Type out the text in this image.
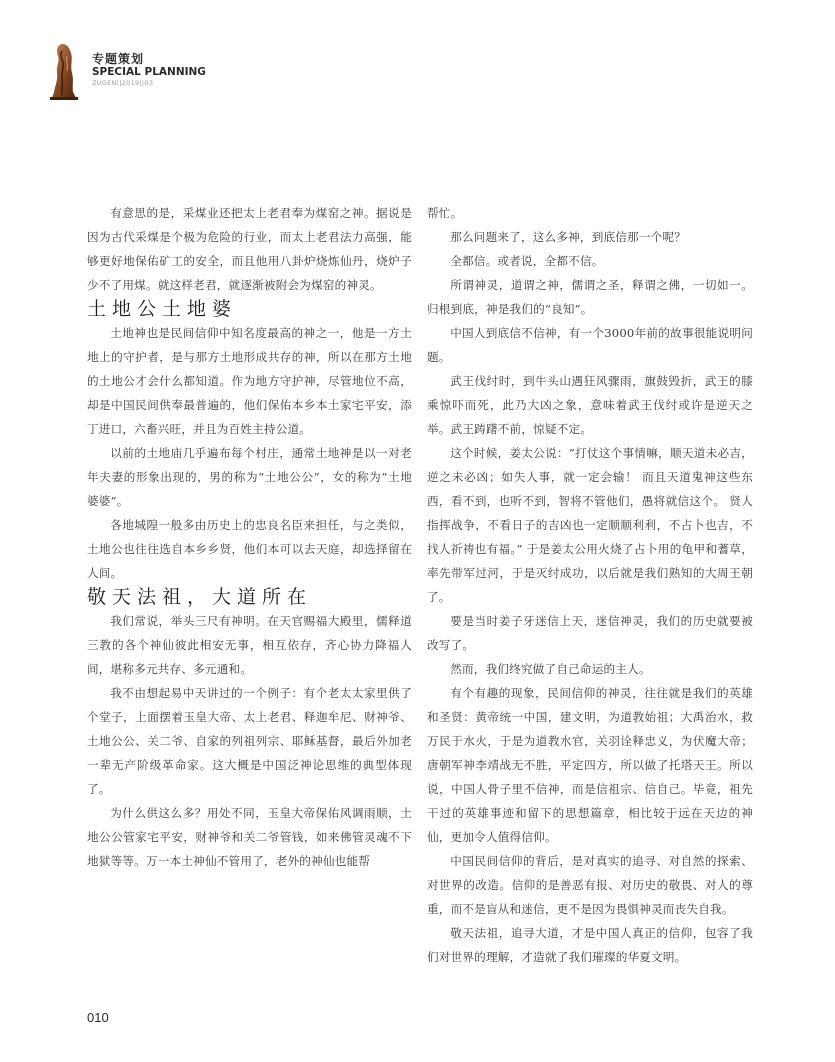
专题策划
SPECIAL PLANNING
ZUGEN||2019||03

有意思的是，采煤业还把太上老君奉为煤窑之神。据说是因为古代采煤是个极为危险的行业，而太上老君法力高强，能够更好地保佑矿工的安全，而且他用八卦炉烧炼仙丹，烧炉子少不了用煤。就这样老君，就逐渐被附会为煤窑的神灵。

土地公土地婆

土地神也是民间信仰中知名度最高的神之一，他是一方土地上的守护者，是与那方土地形成共存的神，所以在那方土地的土地公才会什么都知道。作为地方守护神，尽管地位不高，却是中国民间供奉最普遍的，他们保佑本乡本土家宅平安，添丁进口，六畜兴旺，并且为百姓主持公道。

以前的土地庙几乎遍布每个村庄，通常土地神是以一对老年夫妻的形象出现的，男的称为“土地公公”，女的称为“土地婆婆”。

各地城隍一般多由历史上的忠良名臣来担任，与之类似，土地公也往往选自本乡乡贤，他们本可以去天庭，却选择留在人间。

敬天法祖，大道所在

我们常说，举头三尺有神明。在天官赐福大殿里，儒释道三教的各个神仙彼此相安无事，相互依存，齐心协力降福人间，堪称多元共存、多元通和。

我不由想起易中天讲过的一个例子：有个老太太家里供了个堂子，上面摆着玉皇大帝、太上老君、释迦牟尼、财神爷、土地公公、关二爷、自家的列祖列宗、耶稣基督，最后外加老一辈无产阶级革命家。这大概是中国泛神论思维的典型体现了。

为什么供这么多？用处不同，玉皇大帝保佑风调雨顺，土地公公管家宅平安，财神爷和关二爷管钱，如来佛管灵魂不下地狱等等。万一本土神仙不管用了，老外的神仙也能帮

帮忙。

那么问题来了，这么多神，到底信那一个呢？

全都信。或者说，全都不信。

所谓神灵，道谓之神，儒谓之圣，释谓之佛，一切如一。归根到底，神是我们的“良知”。

中国人到底信不信神，有一个3000年前的故事很能说明问题。

武王伐纣时，到牛头山遇狂风骤雨，旗鼓毁折，武王的膝乘惊吓而死，此乃大凶之象，意味着武王伐纣或许是逆天之举。武王踌躇不前，惊疑不定。

这个时候，姜太公说：“打仗这个事情嘛，顺天道未必吉，逆之未必凶；如失人事，就一定会输！ 而且天道鬼神这些东西，看不到，也听不到，智将不管他们，愚将就信这个。 贤人指挥战争，不看日子的吉凶也一定顺顺利利，不占卜也吉，不找人祈祷也有福。” 于是姜太公用火烧了占卜用的龟甲和蓍草，率先带军过河，于是灭纣成功，以后就是我们熟知的大周王朝了。

要是当时姜子牙迷信上天，迷信神灵，我们的历史就要被改写了。

然而，我们终究做了自己命运的主人。

有个有趣的现象，民间信仰的神灵，往往就是我们的英雄和圣贤：黄帝统一中国，建文明，为道教始祖；大禹治水，救万民于水火，于是为道教水官，关羽诠释忠义，为伏魔大帝；唐朝军神李靖战无不胜，平定四方，所以做了托塔天王。所以说，中国人骨子里不信神，而是信祖宗、信自己。毕竟，祖先干过的英雄事迹和留下的思想篇章，相比较于远在天边的神仙，更加令人值得信仰。

中国民间信仰的背后，是对真实的追寻、对自然的探索、对世界的改造。信仰的是善恶有报、对历史的敬畏、对人的尊重，而不是盲从和迷信，更不是因为畏惧神灵而丧失自我。

敬天法祖，追寻大道，才是中国人真正的信仰，包容了我们对世界的理解，才造就了我们璀璨的华夏文明。

010
